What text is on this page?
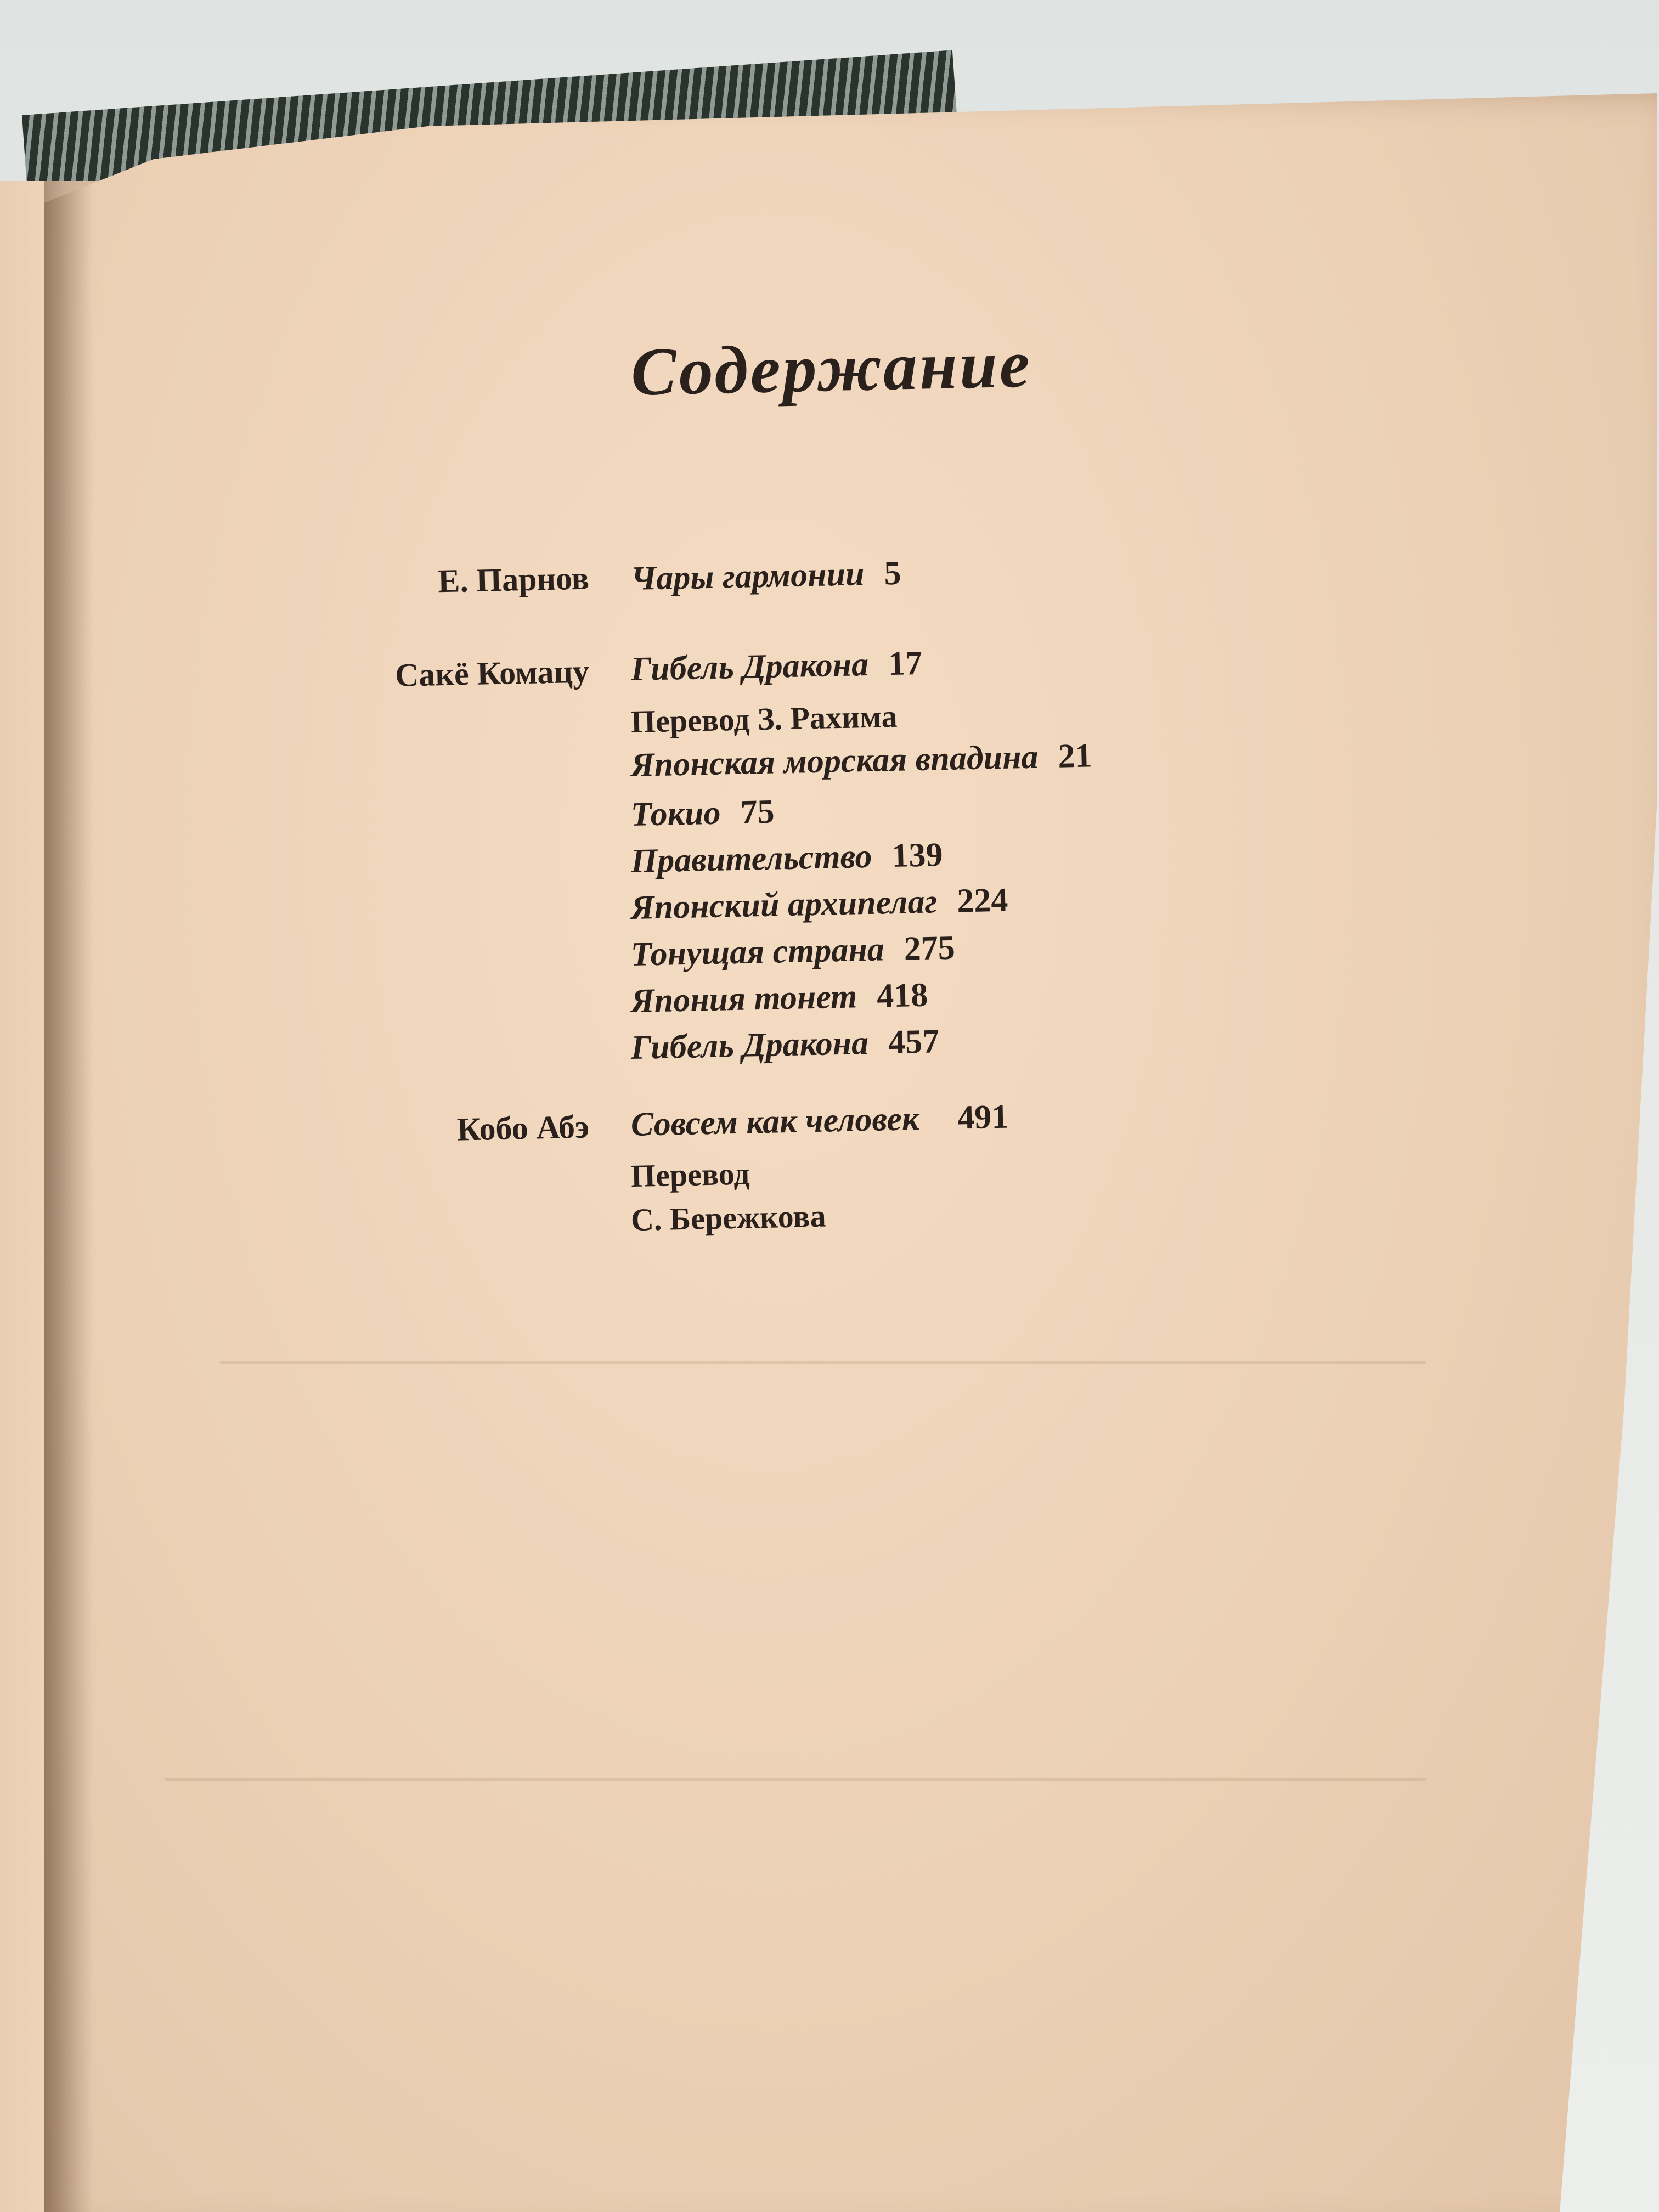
Содержание
Е. Парнов Чары гармонии 5
Сакё Комацу Гибель Дракона 17
Перевод З. Рахима
Японская морская впадина 21
Токио 75
Правительство 139
Японский архипелаг 224
Тонущая страна 275
Япония тонет 418
Гибель Дракона 457
Кобо Абэ Совсем как человек 491
Перевод
С. Бережкова
